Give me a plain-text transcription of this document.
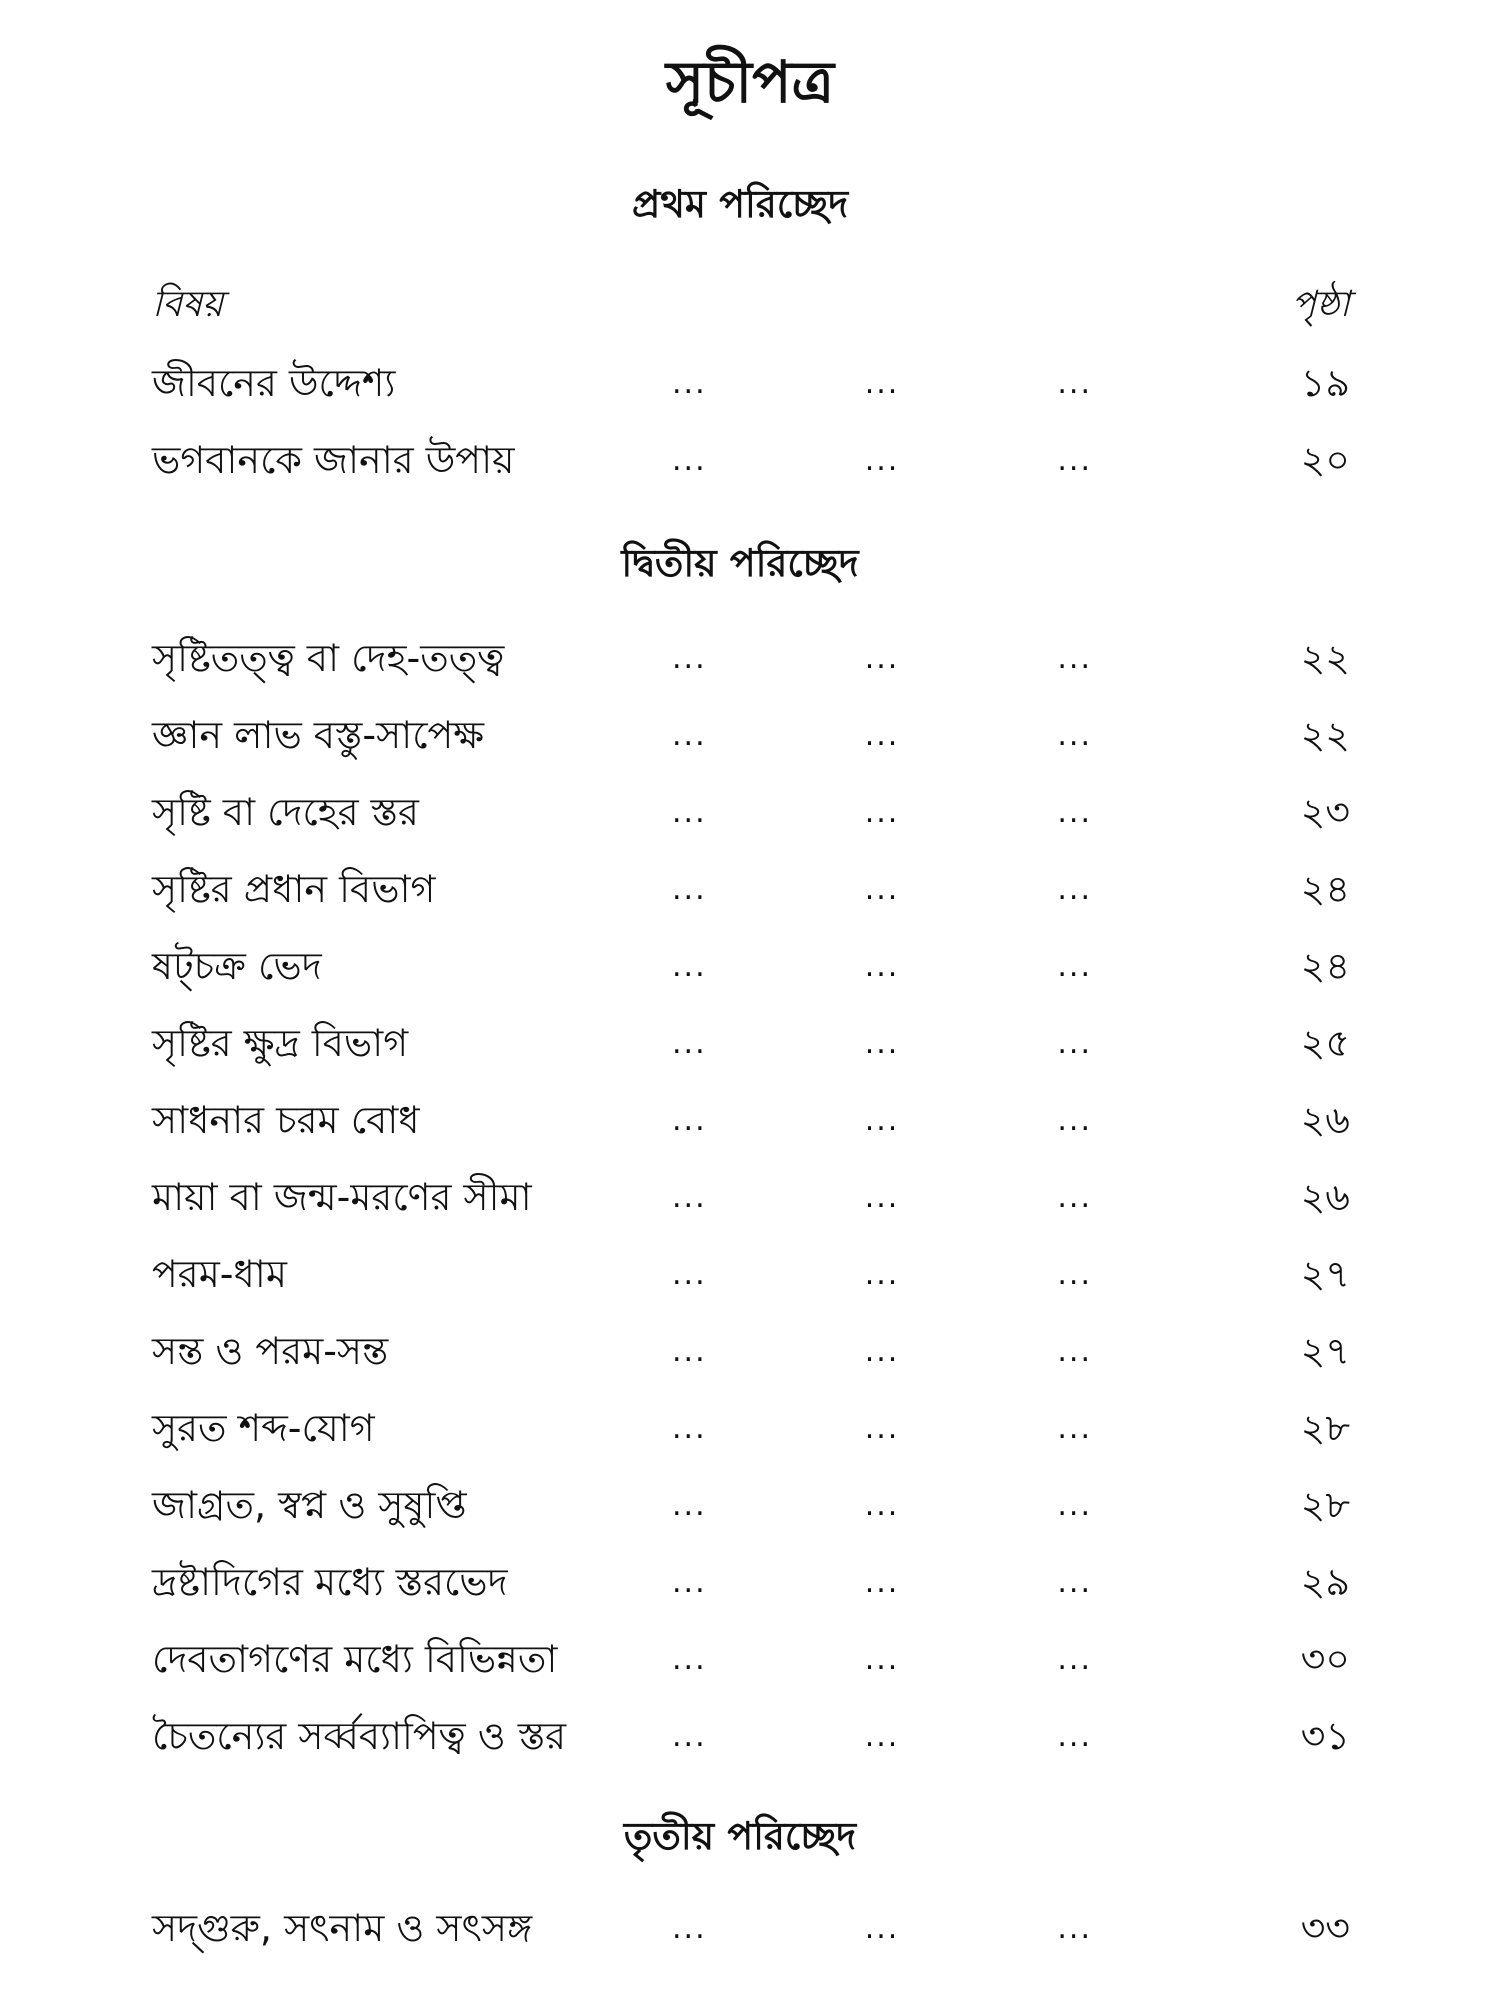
সূচীপত্র
প্রথম পরিচ্ছেদ
বিষয়	পৃষ্ঠা
জীবনের উদ্দেশ্য	...	...	...	১৯
ভগবানকে জানার উপায়	...	...	...	২০
দ্বিতীয় পরিচ্ছেদ
সৃষ্টিতত্ত্ব বা দেহ-তত্ত্ব	...	...	...	২২
জ্ঞান লাভ বস্তু-সাপেক্ষ	...	...	...	২২
সৃষ্টি বা দেহের স্তর	...	...	...	২৩
সৃষ্টির প্রধান বিভাগ	...	...	...	২৪
ষট্‌চক্র ভেদ	...	...	...	২৪
সৃষ্টির ক্ষুদ্র বিভাগ	...	...	...	২৫
সাধনার চরম বোধ	...	...	...	২৬
মায়া বা জন্ম-মরণের সীমা	...	...	...	২৬
পরম-ধাম	...	...	...	২৭
সন্ত ও পরম-সন্ত	...	...	...	২৭
সুরত শব্দ-যোগ	...	...	...	২৮
জাগ্রত, স্বপ্ন ও সুষুপ্তি	...	...	...	২৮
দ্রষ্টাদিগের মধ্যে স্তরভেদ	...	...	...	২৯
দেবতাগণের মধ্যে বিভিন্নতা	...	...	...	৩০
চৈতন্যের সর্ব্বব্যাপিত্ব ও স্তর	...	...	...	৩১
তৃতীয় পরিচ্ছেদ
সদ্‌গুরু, সৎনাম ও সৎসঙ্গ	...	...	...	৩৩
